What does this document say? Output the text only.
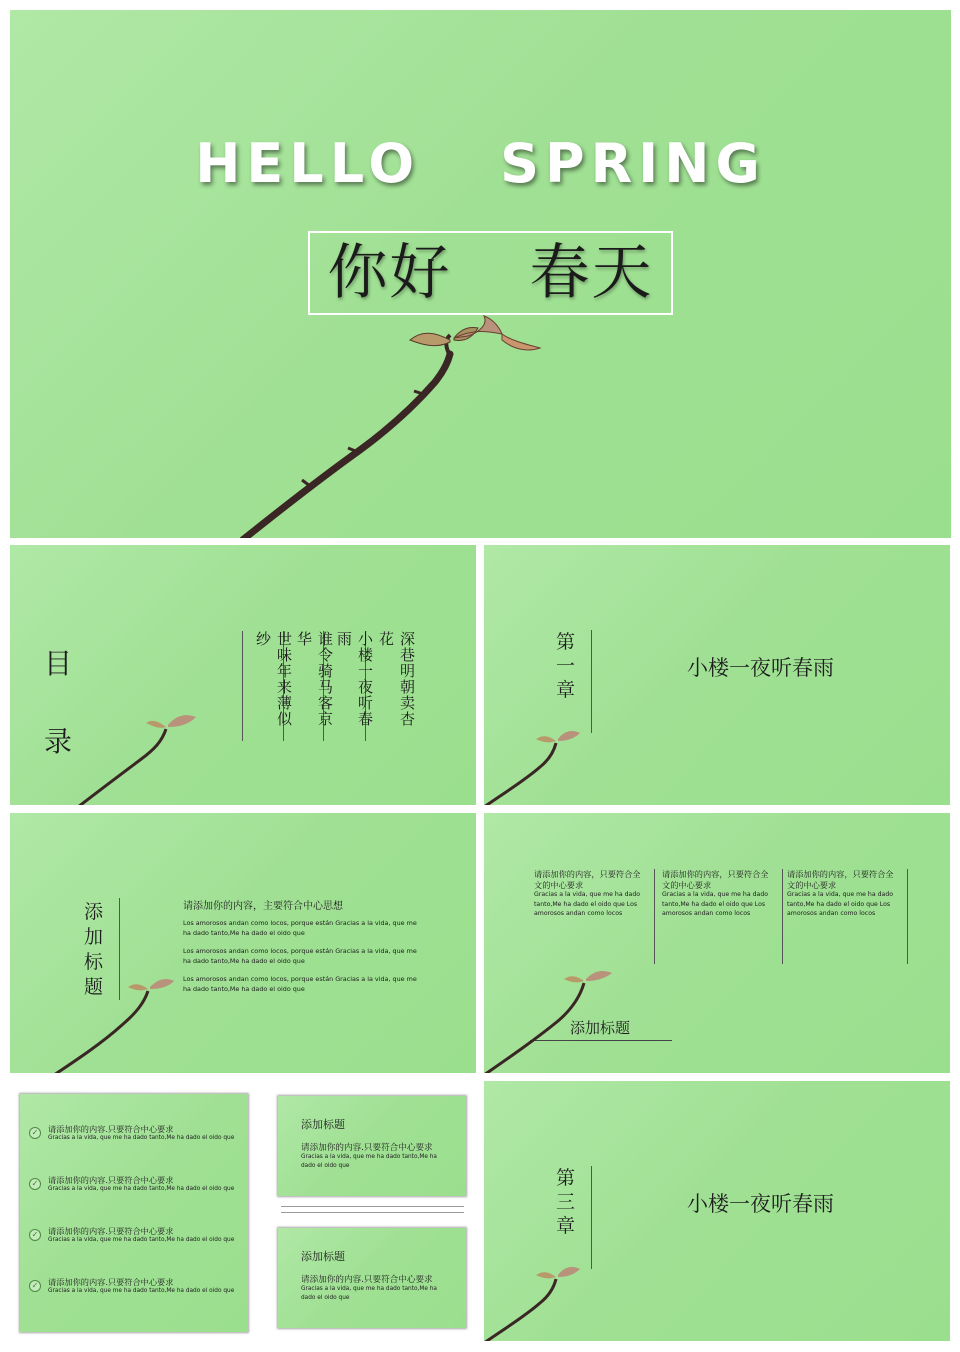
HELLO SPRING
你好 春天
目
录
深巷明朝卖杏花
小楼一夜听春雨
谁令骑马客京华
世味年来薄似纱	第一章
小楼一夜听春雨
添加标题
请添加你的内容，主要符合中心思想
Los amorosos andan como locos, porque están Gracias a la vida, que me ha dado tanto,Me ha dado el oido que
Los amorosos andan como locos, porque están Gracias a la vida, que me ha dado tanto,Me ha dado el oido que
Los amorosos andan como locos, porque están Gracias a la vida, que me ha dado tanto,Me ha dado el oido que
请添加你的内容，只要符合全文的中心要求
Gracias a la vida, que me ha dado tanto,Me ha dado el oido que Los amorosos andan como locos
请添加你的内容，只要符合全文的中心要求
Gracias a la vida, que me ha dado tanto,Me ha dado el oido que Los amorosos andan como locos
请添加你的内容，只要符合全文的中心要求
Gracias a la vida, que me ha dado tanto,Me ha dado el oido que Los amorosos andan como locos
添加标题
✓	请添加你的内容.只要符合中心要求
Gracias a la vida, que me ha dado tanto,Me ha dado el oido que
✓	请添加你的内容.只要符合中心要求
Gracias a la vida, que me ha dado tanto,Me ha dado el oido que
✓	请添加你的内容.只要符合中心要求
Gracias a la vida, que me ha dado tanto,Me ha dado el oido que
✓	请添加你的内容.只要符合中心要求
Gracias a la vida, que me ha dado tanto,Me ha dado el oido que
添加标题
请添加你的内容.只要符合中心要求
Gracias a la vida, que me ha dado tanto,Me ha dado el oido que
添加标题
请添加你的内容.只要符合中心要求
Gracias a la vida, que me ha dado tanto,Me ha dado el oido que
第三章
小楼一夜听春雨
